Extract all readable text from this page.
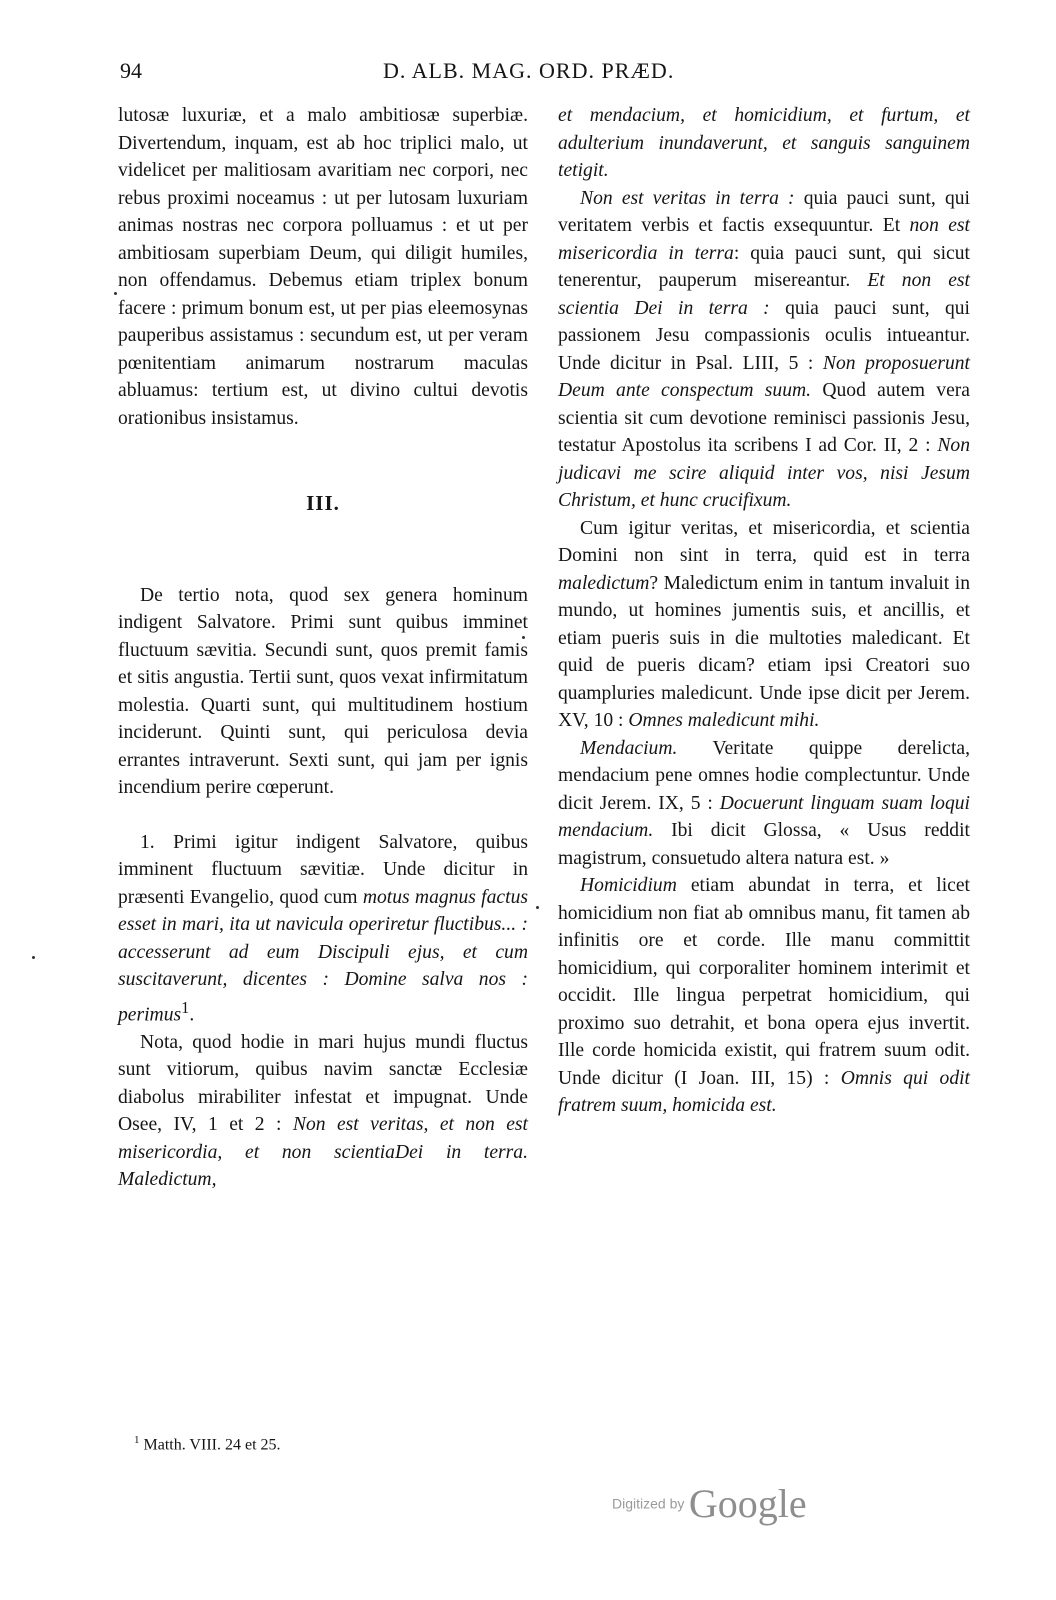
94	D. ALB. MAG. ORD. PRÆD.

lutosæ luxuriæ, et a malo ambitiosæ superbiæ. Divertendum, inquam, est ab hoc triplici malo, ut videlicet per malitiosam avaritiam nec corpori, nec rebus proximi noceamus : ut per lutosam luxuriam animas nostras nec corpora polluamus : et ut per ambitiosam superbiam Deum, qui diligit humiles, non offendamus. Debemus etiam triplex bonum facere : primum bonum est, ut per pias eleemosynas pauperibus assistamus : secundum est, ut per veram pœnitentiam animarum nostrarum maculas abluamus: tertium est, ut divino cultui devotis orationibus insistamus.

III.

De tertio nota, quod sex genera hominum indigent Salvatore. Primi sunt quibus imminet fluctuum sævitia. Secundi sunt, quos premit famis et sitis angustia. Tertii sunt, quos vexat infirmitatum molestia. Quarti sunt, qui multitudinem hostium inciderunt. Quinti sunt, qui periculosa devia errantes intraverunt. Sexti sunt, qui jam per ignis incendium perire cœperunt.

1. Primi igitur indigent Salvatore, quibus imminent fluctuum sævitiæ. Unde dicitur in præsenti Evangelio, quod cum motus magnus factus esset in mari, ita ut navicula operiretur fluctibus... : accesserunt ad eum Discipuli ejus, et cum suscitaverunt, dicentes : Domine salva nos : perimus$^1$.

Nota, quod hodie in mari hujus mundi fluctus sunt vitiorum, quibus navim sanctæ Ecclesiæ diabolus mirabiliter infestat et impugnat. Unde Osee, IV, 1 et 2 : Non est veritas, et non est misericordia, et non scientiaDei in terra. Maledictum,

et mendacium, et homicidium, et furtum, et adulterium inundaverunt, et sanguis sanguinem tetigit.

Non est veritas in terra : quia pauci sunt, qui veritatem verbis et factis exsequuntur. Et non est misericordia in terra: quia pauci sunt, qui sicut tenerentur, pauperum misereantur. Et non est scientia Dei in terra : quia pauci sunt, qui passionem Jesu compassionis oculis intueantur. Unde dicitur in Psal. LIII, 5 : Non proposuerunt Deum ante conspectum suum. Quod autem vera scientia sit cum devotione reminisci passionis Jesu, testatur Apostolus ita scribens I ad Cor. II, 2 : Non judicavi me scire aliquid inter vos, nisi Jesum Christum, et hunc crucifixum.

Cum igitur veritas, et misericordia, et scientia Domini non sint in terra, quid est in terra maledictum? Maledictum enim in tantum invaluit in mundo, ut homines jumentis suis, et ancillis, et etiam pueris suis in die multoties maledicant. Et quid de pueris dicam? etiam ipsi Creatori suo quampluries maledicunt. Unde ipse dicit per Jerem. XV, 10 : Omnes maledicunt mihi.

Mendacium. Veritate quippe derelicta, mendacium pene omnes hodie complectuntur. Unde dicit Jerem. IX, 5 : Docuerunt linguam suam loqui mendacium. Ibi dicit Glossa, « Usus reddit magistrum, consuetudo altera natura est. »

Homicidium etiam abundat in terra, et licet homicidium non fiat ab omnibus manu, fit tamen ab infinitis ore et corde. Ille manu committit homicidium, qui corporaliter hominem interimit et occidit. Ille lingua perpetrat homicidium, qui proximo suo detrahit, et bona opera ejus invertit. Ille corde homicida existit, qui fratrem suum odit. Unde dicitur (I Joan. III, 15) : Omnis qui odit fratrem suum, homicida est.

$^1$ Matth. VIII. 24 et 25.
Digitized by Google
